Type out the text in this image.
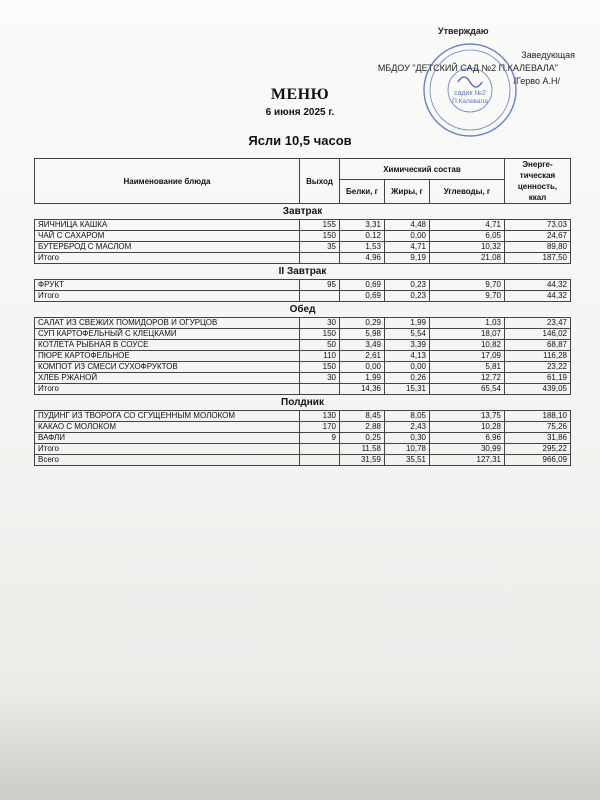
Утверждаю
Заведующая
МБДОУ "ДЕТСКИЙ САД №2 П.КАЛЕВАЛА"
/Герво А.Н/
садик №2
П.Калевала
МЕНЮ
6 июня 2025 г.
Ясли 10,5 часов
Наименование блюда	Выход	Химический состав			Энерге-
тическая
ценность,
ккал

		Белки, г	Жиры, г	Углеводы, г	
Завтрак					
ЯИЧНИЦА КАШКА	155	3,31	4,48	4,71	73,03
ЧАЙ С САХАРОМ	150	0,12	0,00	6,05	24,67
БУТЕРБРОД С МАСЛОМ	35	1,53	4,71	10,32	89,80
Итого		4,96	9,19	21,08	187,50
II Завтрак					
ФРУКТ	95	0,69	0,23	9,70	44,32
Итого		0,69	0,23	9,70	44,32
Обед					
САЛАТ ИЗ СВЕЖИХ ПОМИДОРОВ И ОГУРЦОВ	30	0,29	1,99	1,03	23,47
СУП КАРТОФЕЛЬНЫЙ С КЛЕЦКАМИ	150	5,98	5,54	18,07	146,02
КОТЛЕТА РЫБНАЯ В СОУСЕ	50	3,49	3,39	10,82	68,87
ПЮРЕ КАРТОФЕЛЬНОЕ	110	2,61	4,13	17,09	116,28
КОМПОТ ИЗ СМЕСИ СУХОФРУКТОВ	150	0,00	0,00	5,81	23,22
ХЛЕБ РЖАНОЙ	30	1,99	0,26	12,72	61,19
Итого		14,36	15,31	65,54	439,05
Полдник					
ПУДИНГ ИЗ ТВОРОГА СО СГУЩЕННЫМ МОЛОКОМ	130	8,45	8,05	13,75	188,10
КАКАО С МОЛОКОМ	170	2,88	2,43	10,28	75,26
ВАФЛИ	9	0,25	0,30	6,96	31,86
Итого		11,58	10,78	30,99	295,22
Всего		31,59	35,51	127,31	966,09
